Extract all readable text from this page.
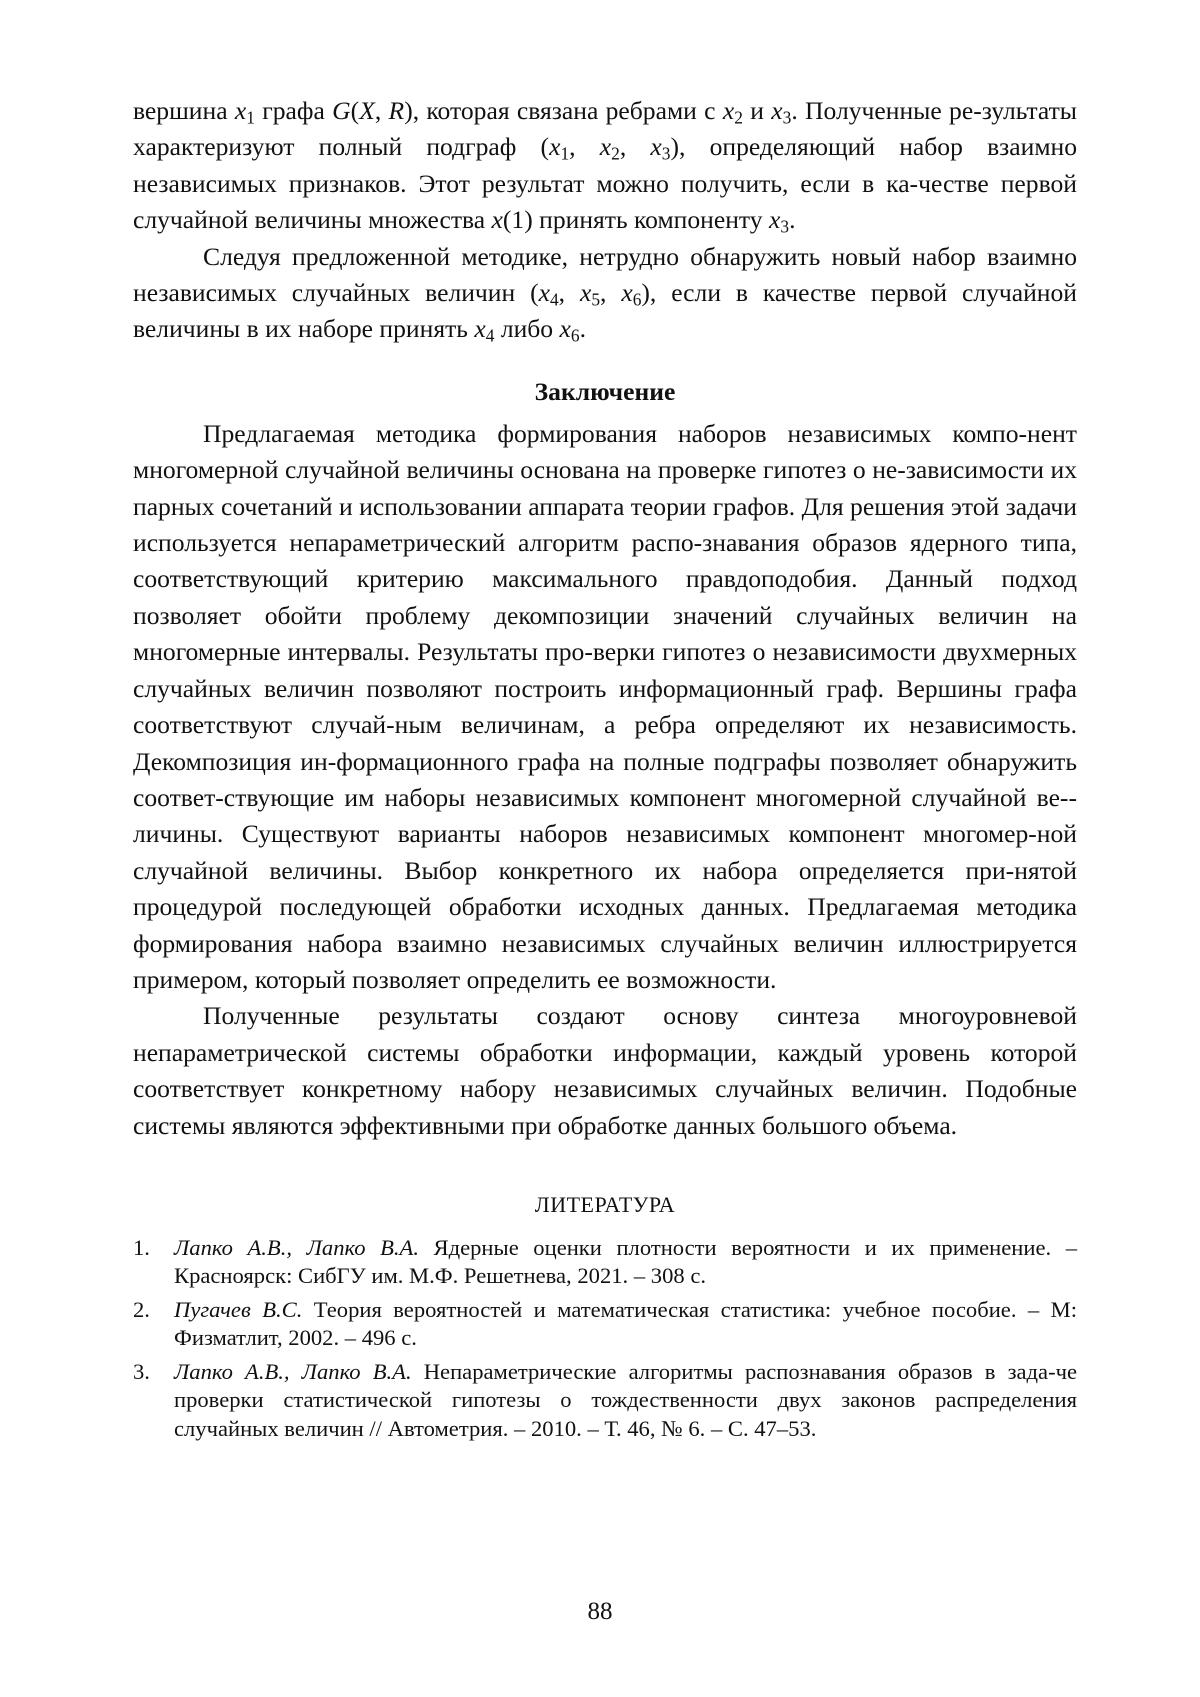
вершина $x_1$ графа G(X, R), которая связана ребрами с $x_2$ и $x_3$. Полученные ре-зультаты характеризуют полный подграф ($x_1$, $x_2$, $x_3$), определяющий набор взаимно независимых признаков. Этот результат можно получить, если в ка-честве первой случайной величины множества x(1) принять компоненту $x_3$.

Следуя предложенной методике, нетрудно обнаружить новый набор взаимно независимых случайных величин ($x_4$, $x_5$, $x_6$), если в качестве первой случайной величины в их наборе принять $x_4$ либо $x_6$.

Заключение

Предлагаемая методика формирования наборов независимых компо-нент многомерной случайной величины основана на проверке гипотез о не-зависимости их парных сочетаний и использовании аппарата теории графов. Для решения этой задачи используется непараметрический алгоритм распо-знавания образов ядерного типа, соответствующий критерию максимального правдоподобия. Данный подход позволяет обойти проблему декомпозиции значений случайных величин на многомерные интервалы. Результаты про-верки гипотез о независимости двухмерных случайных величин позволяют построить информационный граф. Вершины графа соответствуют случай-ным величинам, а ребра определяют их независимость. Декомпозиция ин-формационного графа на полные подграфы позволяет обнаружить соответ-ствующие им наборы независимых компонент многомерной случайной ве-личины. Существуют варианты наборов независимых компонент многомер-ной случайной величины. Выбор конкретного их набора определяется при-нятой процедурой последующей обработки исходных данных. Предлагаемая методика формирования набора взаимно независимых случайных величин иллюстрируется примером, который позволяет определить ее возможности.

Полученные результаты создают основу синтеза многоуровневой непараметрической системы обработки информации, каждый уровень которой соответствует конкретному набору независимых случайных величин. Подобные системы являются эффективными при обработке данных большого объема.

ЛИТЕРАТУРА
1.	Лапко А.В., Лапко В.А. Ядерные оценки плотности вероятности и их применение. – Красноярск: СибГУ им. М.Ф. Решетнева, 2021. – 308 с.
2.	Пугачев В.С. Теория вероятностей и математическая статистика: учебное пособие. – М: Физматлит, 2002. – 496 с.
3.	Лапко А.В., Лапко В.А. Непараметрические алгоритмы распознавания образов в зада-че проверки статистической гипотезы о тождественности двух законов распределения случайных величин // Автометрия. – 2010. – Т. 46, № 6. – С. 47–53.
88
